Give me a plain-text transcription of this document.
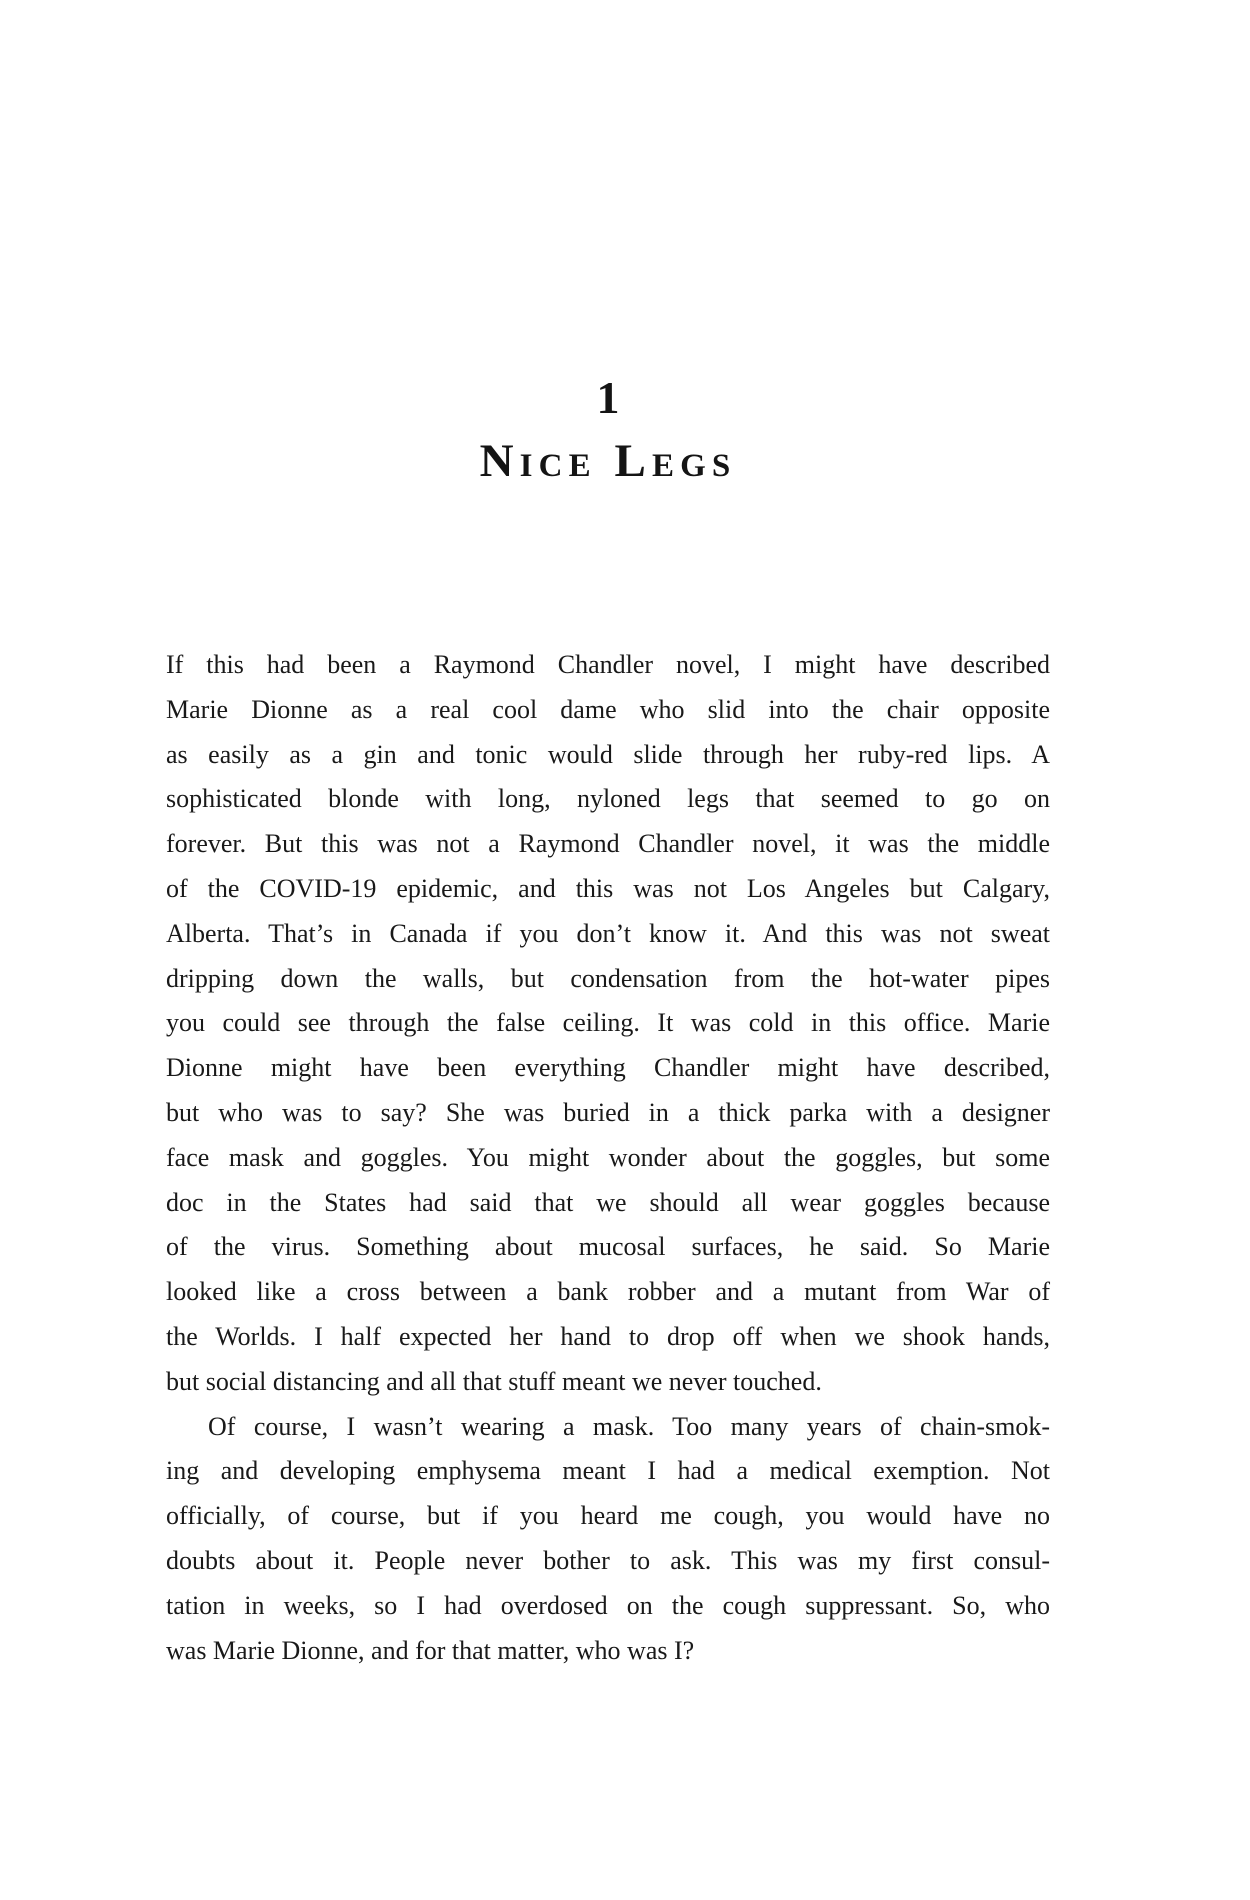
1
Nice Legs
If this had been a Raymond Chandler novel, I might have described
Marie Dionne as a real cool dame who slid into the chair opposite
as easily as a gin and tonic would slide through her ruby-red lips. A
sophisticated blonde with long, nyloned legs that seemed to go on
forever. But this was not a Raymond Chandler novel, it was the middle
of the COVID-19 epidemic, and this was not Los Angeles but Calgary,
Alberta. That’s in Canada if you don’t know it. And this was not sweat
dripping down the walls, but condensation from the hot-water pipes
you could see through the false ceiling. It was cold in this office. Marie
Dionne might have been everything Chandler might have described,
but who was to say? She was buried in a thick parka with a designer
face mask and goggles. You might wonder about the goggles, but some
doc in the States had said that we should all wear goggles because
of the virus. Something about mucosal surfaces, he said. So Marie
looked like a cross between a bank robber and a mutant from War of
the Worlds. I half expected her hand to drop off when we shook hands,
but social distancing and all that stuff meant we never touched.
Of course, I wasn’t wearing a mask. Too many years of chain-smok-
ing and developing emphysema meant I had a medical exemption. Not
officially, of course, but if you heard me cough, you would have no
doubts about it. People never bother to ask. This was my first consul-
tation in weeks, so I had overdosed on the cough suppressant. So, who
was Marie Dionne, and for that matter, who was I?
